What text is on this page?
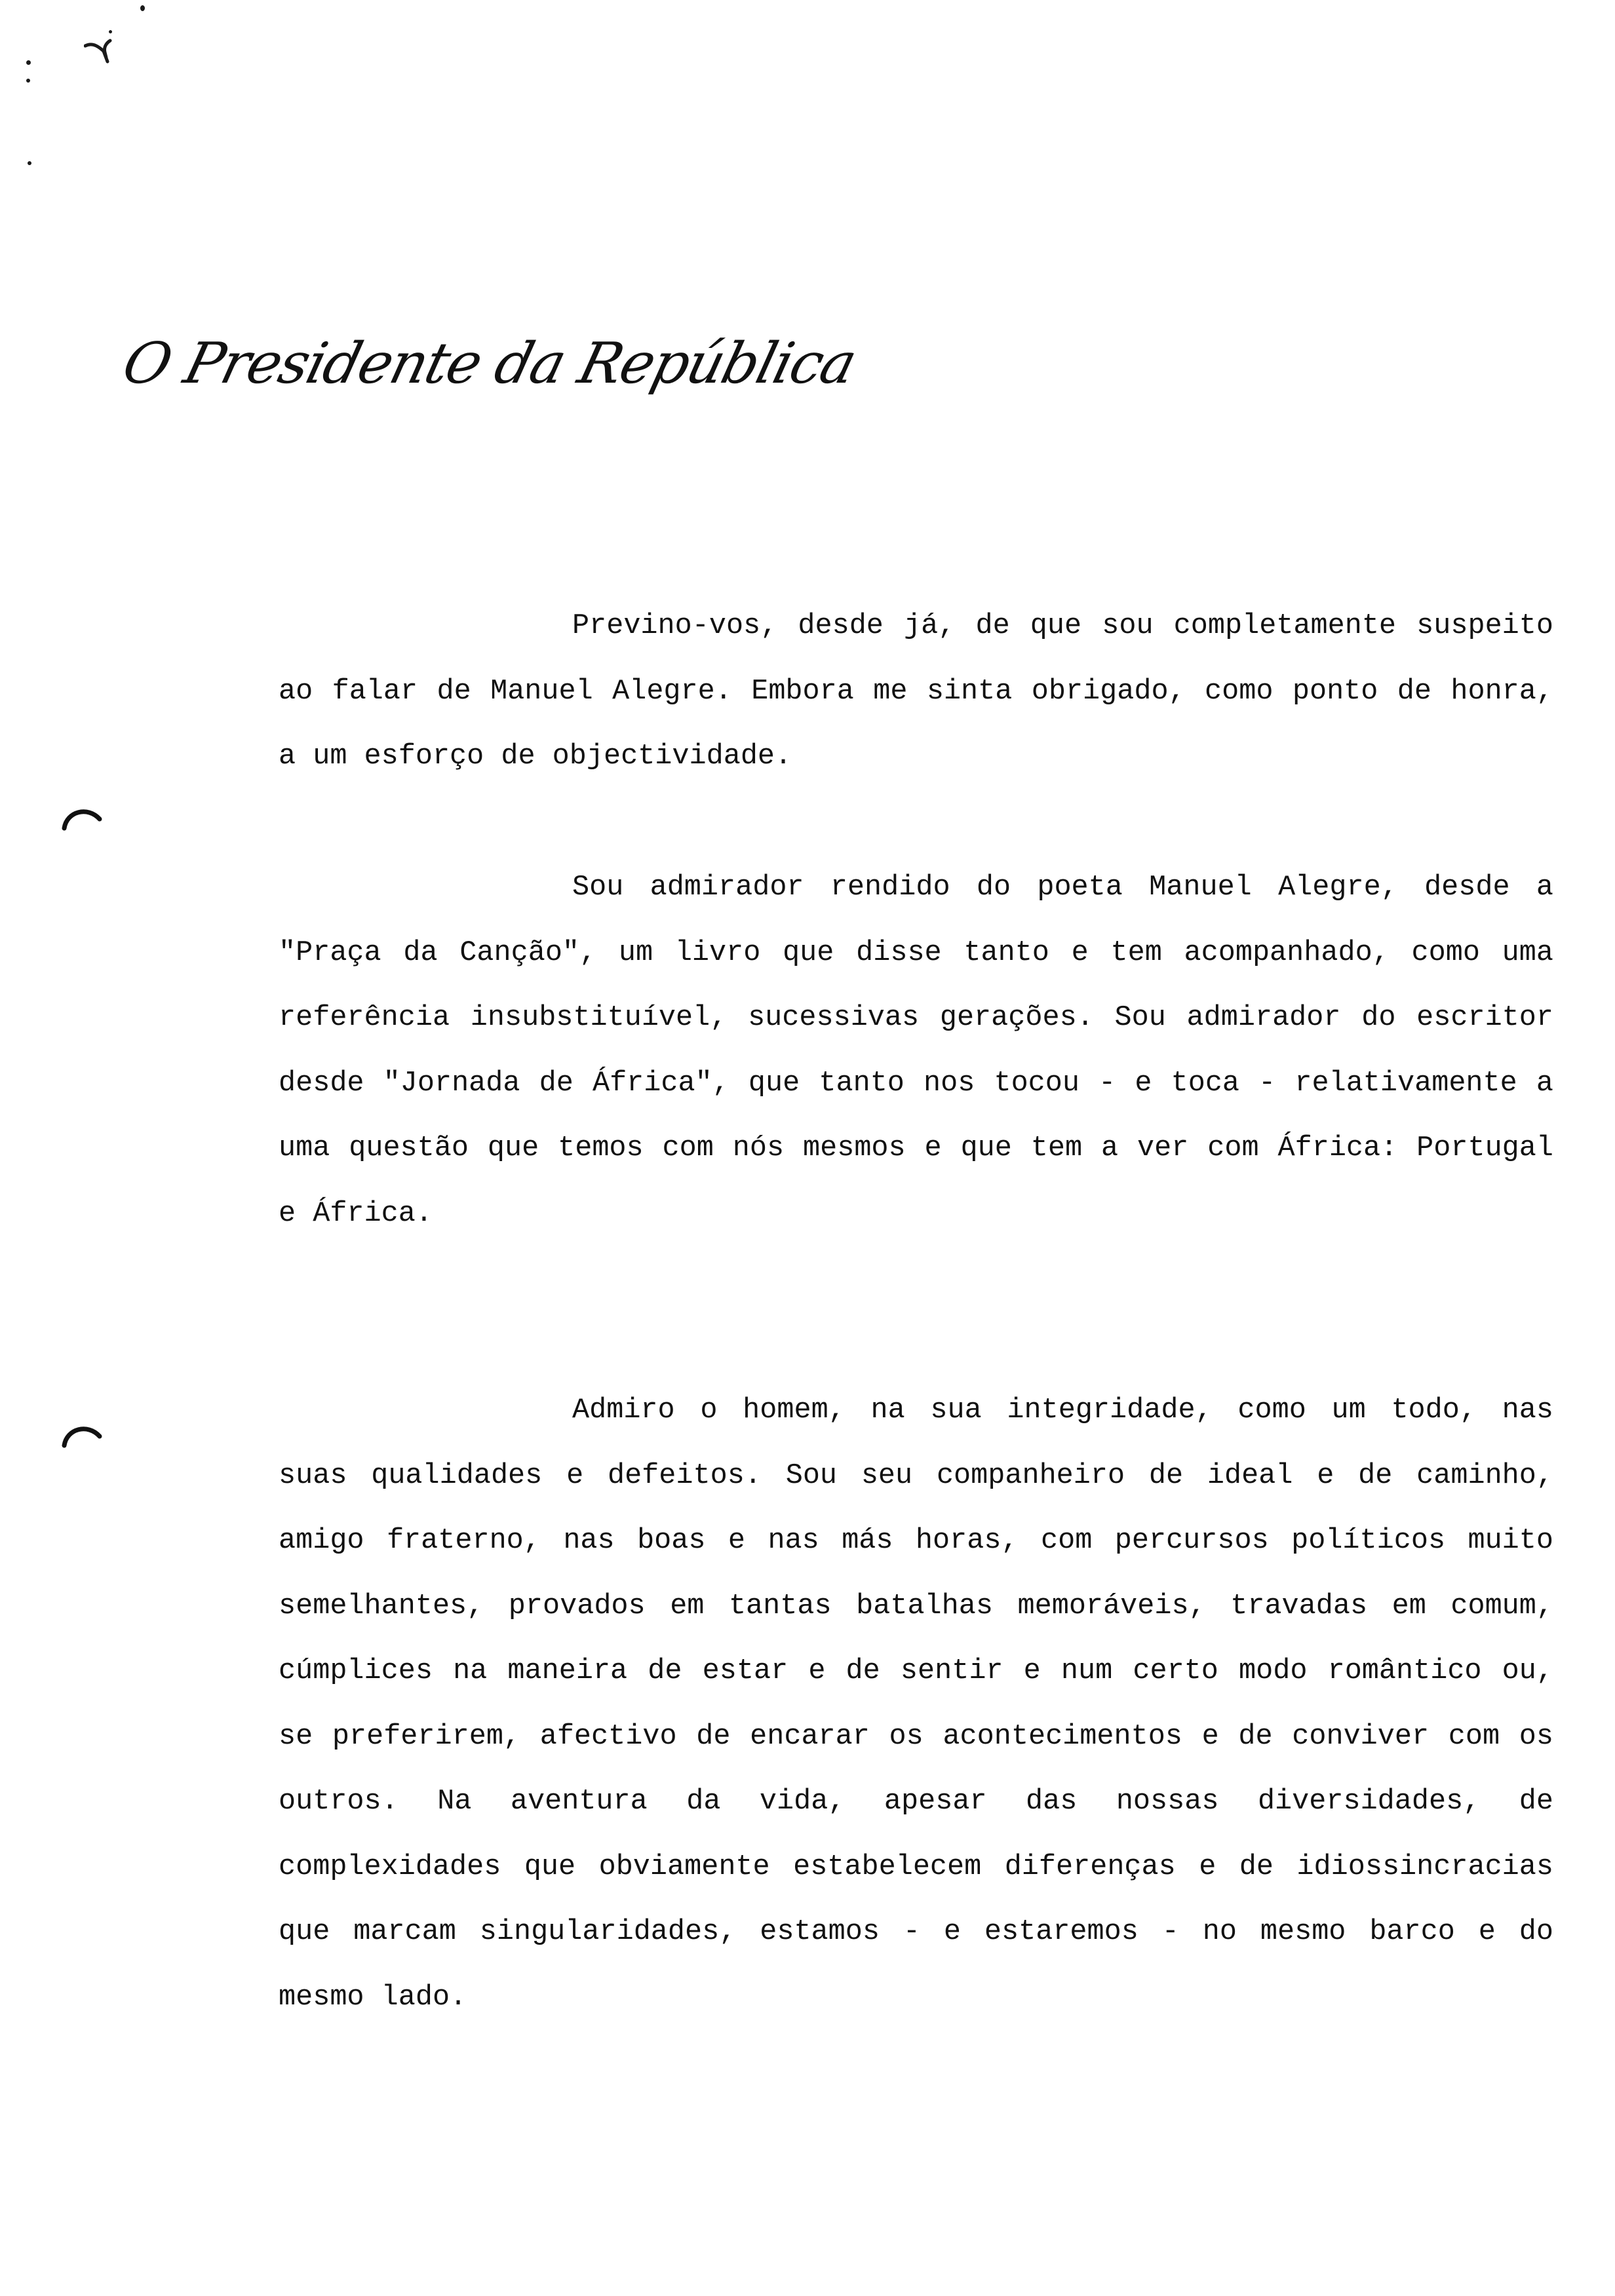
O Presidente da República

Previno-vos, desde já, de que sou completamente suspeito ao falar de Manuel Alegre. Embora me sinta obrigado, como ponto de honra, a um esforço de objectividade.

Sou admirador rendido do poeta Manuel Alegre, desde a "Praça da Canção", um livro que disse tanto e tem acompanhado, como uma referência insubstituível, sucessivas gerações. Sou admirador do escritor desde "Jornada de África", que tanto nos tocou - e toca - relativamente a uma questão que temos com nós mesmos e que tem a ver com África: Portugal e África.

Admiro o homem, na sua integridade, como um todo, nas suas qualidades e defeitos. Sou seu companheiro de ideal e de caminho, amigo fraterno, nas boas e nas más horas, com percursos políticos muito semelhantes, provados em tantas batalhas memoráveis, travadas em comum, cúmplices na maneira de estar e de sentir e num certo modo romântico ou, se preferirem, afectivo de encarar os acontecimentos e de conviver com os outros. Na aventura da vida, apesar das nossas diversidades, de complexidades que obviamente estabelecem diferenças e de idiossincracias que marcam singularidades, estamos - e estaremos - no mesmo barco e do mesmo lado.
